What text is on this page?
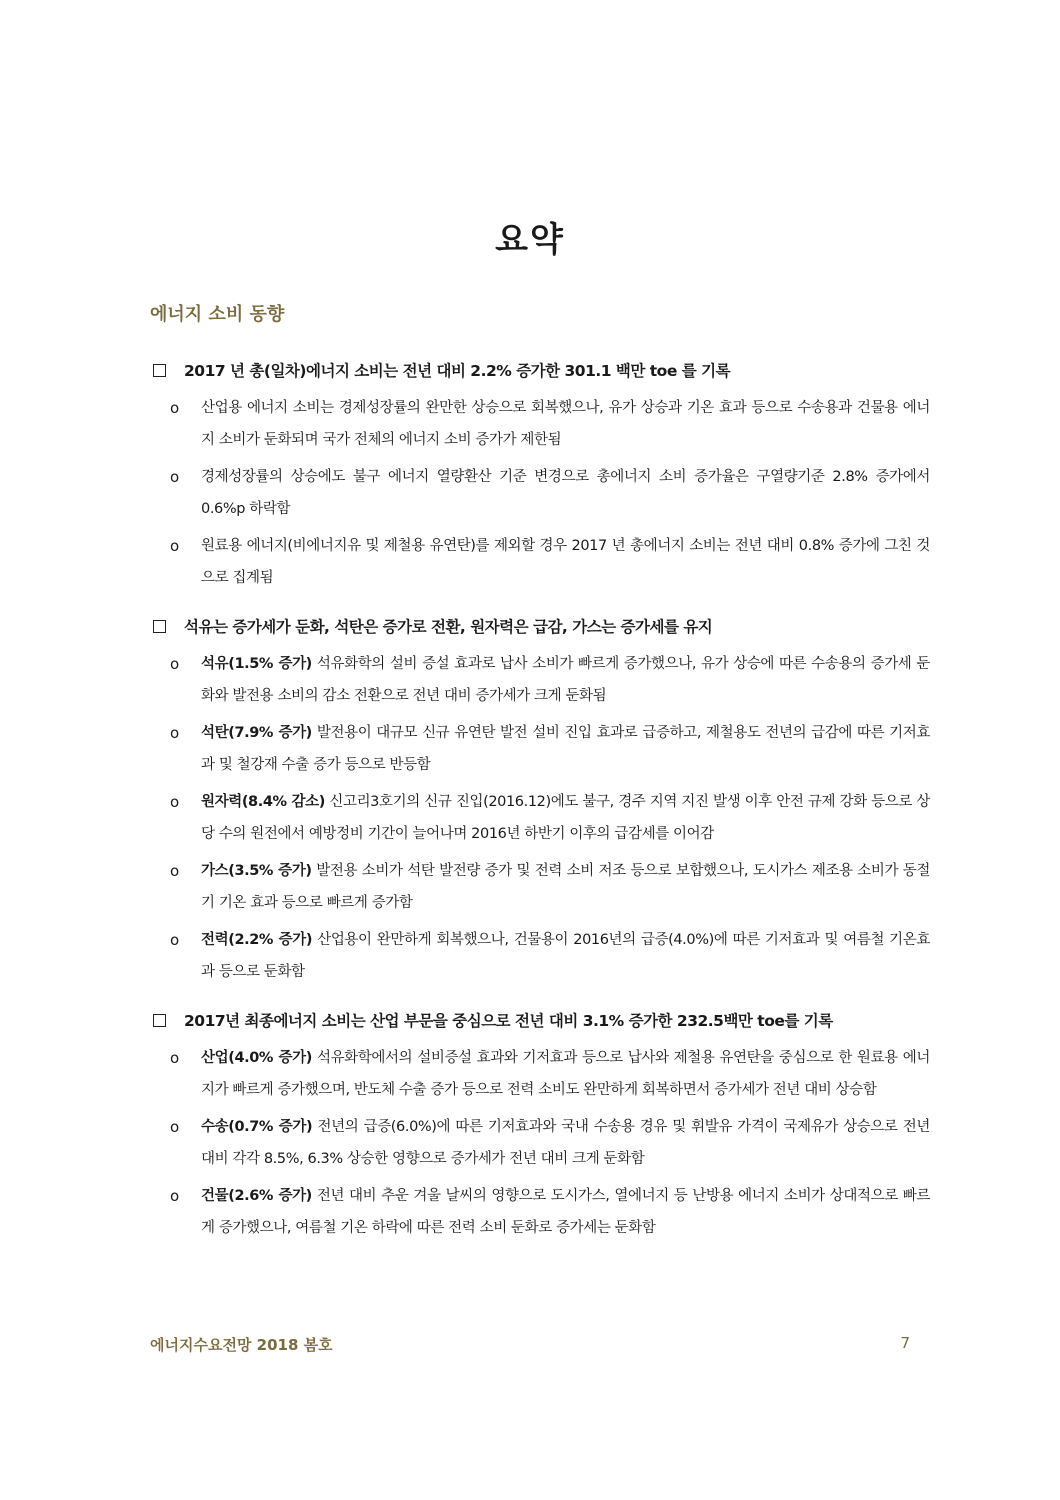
요약
에너지 소비 동향
2017 년 총(일차)에너지 소비는 전년 대비 2.2% 증가한 301.1 백만 toe 를 기록
o	산업용 에너지 소비는 경제성장률의 완만한 상승으로 회복했으나, 유가 상승과 기온 효과 등으로 수송용과 건물용 에너지 소비가 둔화되며 국가 전체의 에너지 소비 증가가 제한됨
o	경제성장률의 상승에도 불구 에너지 열량환산 기준 변경으로 총에너지 소비 증가율은 구열량기준 2.8% 증가에서 0.6%p 하락함
o	원료용 에너지(비에너지유 및 제철용 유연탄)를 제외할 경우 2017 년 총에너지 소비는 전년 대비 0.8% 증가에 그친 것으로 집계됨
석유는 증가세가 둔화, 석탄은 증가로 전환, 원자력은 급감, 가스는 증가세를 유지
o	석유(1.5% 증가) 석유화학의 설비 증설 효과로 납사 소비가 빠르게 증가했으나, 유가 상승에 따른 수송용의 증가세 둔화와 발전용 소비의 감소 전환으로 전년 대비 증가세가 크게 둔화됨
o	석탄(7.9% 증가) 발전용이 대규모 신규 유연탄 발전 설비 진입 효과로 급증하고, 제철용도 전년의 급감에 따른 기저효과 및 철강재 수출 증가 등으로 반등함
o	원자력(8.4% 감소) 신고리3호기의 신규 진입(2016.12)에도 불구, 경주 지역 지진 발생 이후 안전 규제 강화 등으로 상당 수의 원전에서 예방정비 기간이 늘어나며 2016년 하반기 이후의 급감세를 이어감
o	가스(3.5% 증가) 발전용 소비가 석탄 발전량 증가 및 전력 소비 저조 등으로 보합했으나, 도시가스 제조용 소비가 동절기 기온 효과 등으로 빠르게 증가함
o	전력(2.2% 증가) 산업용이 완만하게 회복했으나, 건물용이 2016년의 급증(4.0%)에 따른 기저효과 및 여름철 기온효과 등으로 둔화함
2017년 최종에너지 소비는 산업 부문을 중심으로 전년 대비 3.1% 증가한 232.5백만 toe를 기록
o	산업(4.0% 증가) 석유화학에서의 설비증설 효과와 기저효과 등으로 납사와 제철용 유연탄을 중심으로 한 원료용 에너지가 빠르게 증가했으며, 반도체 수출 증가 등으로 전력 소비도 완만하게 회복하면서 증가세가 전년 대비 상승함
o	수송(0.7% 증가) 전년의 급증(6.0%)에 따른 기저효과와 국내 수송용 경유 및 휘발유 가격이 국제유가 상승으로 전년 대비 각각 8.5%, 6.3% 상승한 영향으로 증가세가 전년 대비 크게 둔화함
o	건물(2.6% 증가) 전년 대비 추운 겨울 날씨의 영향으로 도시가스, 열에너지 등 난방용 에너지 소비가 상대적으로 빠르게 증가했으나, 여름철 기온 하락에 따른 전력 소비 둔화로 증가세는 둔화함
에너지수요전망 2018 봄호	7
